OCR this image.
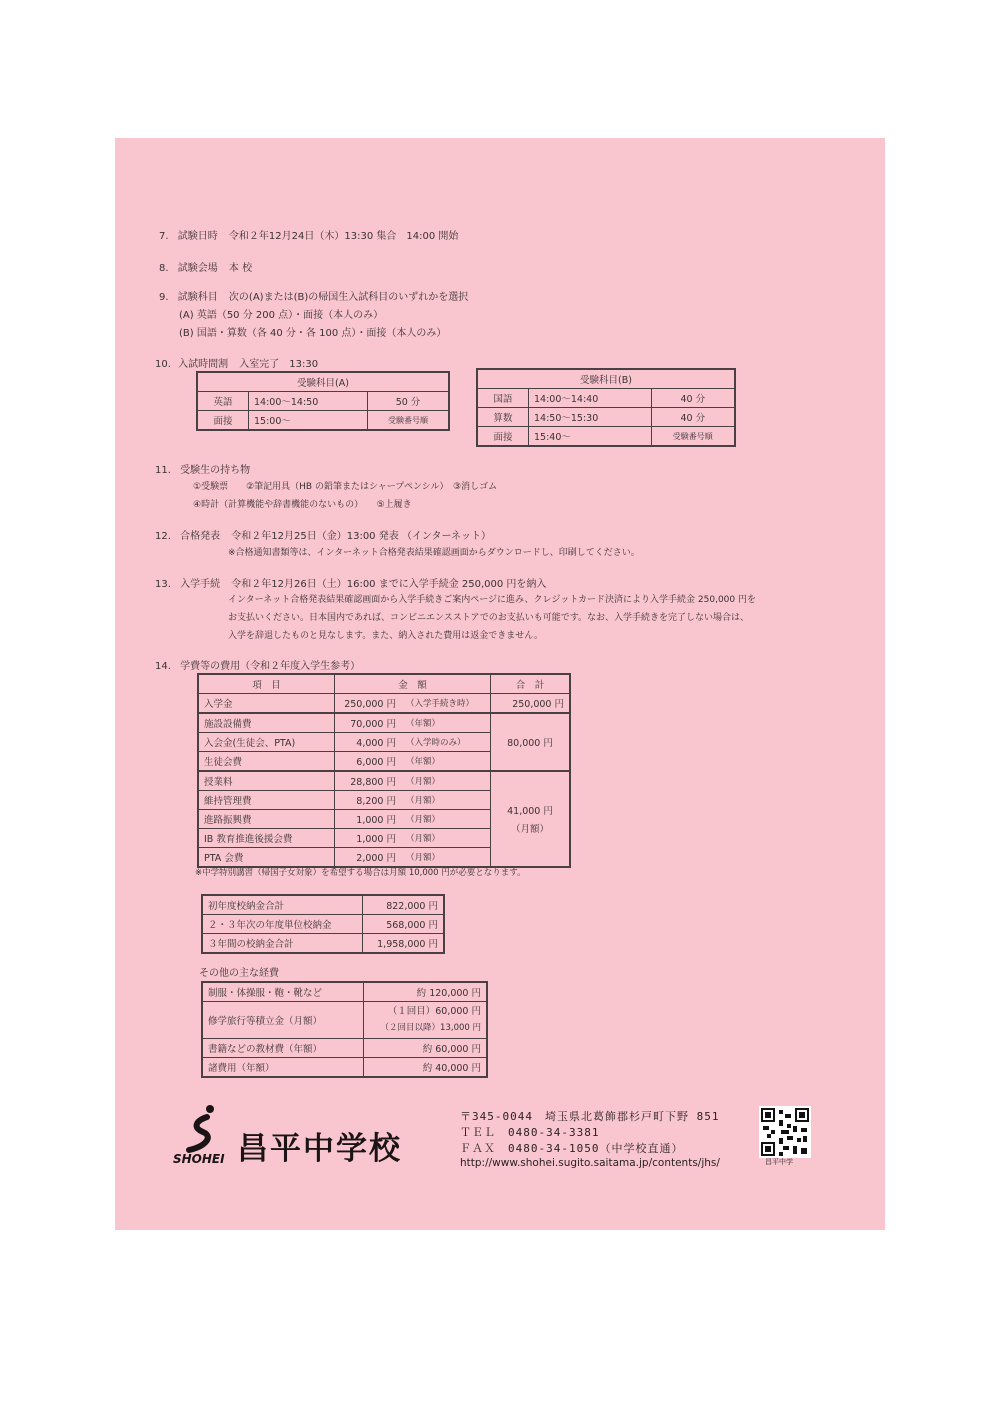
7. 試験日時 令和２年12月24日（木）13:30 集合　14:00 開始
8. 試験会場 本 校
9. 試験科目 次の(A)または(B)の帰国生入試科目のいずれかを選択
(A) 英語（50 分 200 点）・面接（本人のみ）
(B) 国語・算数（各 40 分・各 100 点）・面接（本人のみ）
10. 入試時間割 入室完了　13:30
受験科目(A)		
英語	14:00～14:50	50 分
面接	15:00～	受験番号順
受験科目(B)		
国語	14:00～14:40	40 分
算数	14:50～15:30	40 分
面接	15:40～	受験番号順
11. 受験生の持ち物
①受験票　　②筆記用具（HB の鉛筆またはシャープペンシル）　③消しゴム
④時計（計算機能や辞書機能のないもの）　　⑤上履き
12. 合格発表 令和２年12月25日（金）13:00 発表 （インターネット）
※合格通知書類等は、インターネット合格発表結果確認画面からダウンロードし、印刷してください。
13. 入学手続 令和２年12月26日（土）16:00 までに入学手続金 250,000 円を納入
インターネット合格発表結果確認画面から入学手続きご案内ページに進み、クレジットカード決済により入学手続金 250,000 円を
お支払いください。日本国内であれば、コンビニエンスストアでのお支払いも可能です。なお、入学手続きを完了しない場合は、
入学を辞退したものと見なします。また、納入された費用は返金できません。
14. 学費等の費用（令和２年度入学生参考）
項　目	金　額		合　計
入学金	250,000 円	（入学手続き時）	250,000 円
施設設備費	70,000 円	（年額）	80,000 円
入会金(生徒会、PTA)	4,000 円	（入学時のみ）	
生徒会費	6,000 円	（年額）	
授業料	28,800 円	（月額）	41,000 円
（月額）

維持管理費	8,200 円	（月額）	
進路振興費	1,000 円	（月額）	
IB 教育推進後援会費	1,000 円	（月額）	
PTA 会費	2,000 円	（月額）	
※中学特別講習（帰国子女対象）を希望する場合は月額 10,000 円が必要となります。
初年度校納金合計	822,000 円
２・３年次の年度単位校納金	568,000 円
３年間の校納金合計	1,958,000 円
その他の主な経費
制服・体操服・鞄・靴など	約 120,000 円
修学旅行等積立金（月額）	（１回目）60,000 円
（２回目以降）13,000 円

書籍などの教材費（年額）	約 60,000 円
諸費用（年額）	約 40,000 円
SHOHEI 昌平中学校
〒345-0044　埼玉県北葛飾郡杉戸町下野 851
ＴＥＬ　0480-34-3381
ＦＡＸ　0480-34-1050（中学校直通）
http://www.shohei.sugito.saitama.jp/contents/jhs/	昌平中学
